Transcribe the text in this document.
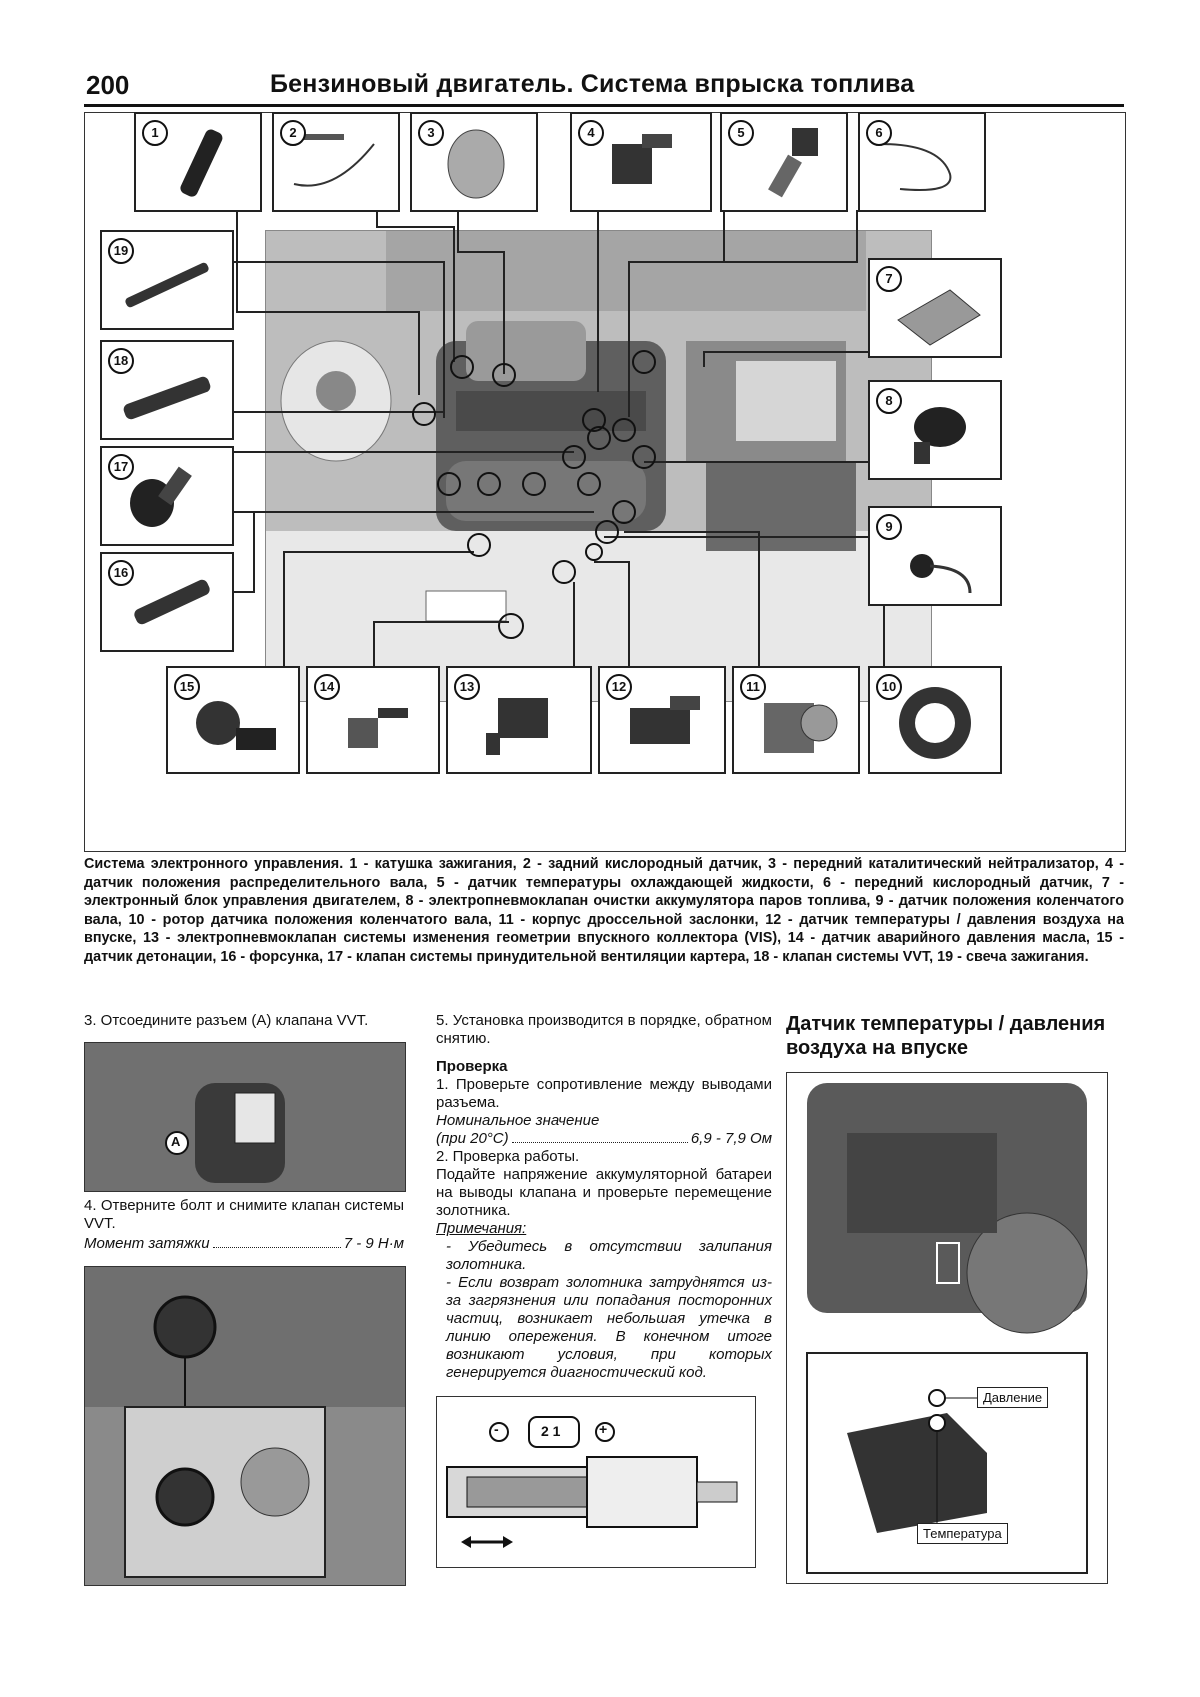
200	Бензиновый двигатель. Система впрыска топлива
1	2	3	4	5	6
7
8
9
10
11
12
13
14
15
16
17
18
19

Система электронного управления. 1 - катушка зажигания, 2 - задний кислородный датчик, 3 - передний каталитический нейтрализатор, 4 - датчик положения распределительного вала, 5 - датчик температуры охлаждающей жидкости, 6 - передний кислородный датчик, 7 - электронный блок управления двигателем, 8 - электропневмоклапан очистки аккумулятора паров топлива, 9 - датчик положения коленчатого вала, 10 - ротор датчика положения коленчатого вала, 11 - корпус дроссельной заслонки, 12 - датчик температуры / давления воздуха на впуске, 13 - электропневмоклапан системы изменения геометрии впускного коллектора (VIS), 14 - датчик аварийного давления масла, 15 - датчик детонации, 16 - форсунка, 17 - клапан системы принудительной вентиляции картера, 18 - клапан системы VVT, 19 - свеча зажигания.

3. Отсоедините разъем (А) клапана VVT.

A

4. Отверните болт и снимите клапан системы VVT.

Момент затяжки	7 - 9 Н·м

5. Установка производится в порядке, обратном снятию.

Проверка

1. Проверьте сопротивление между выводами разъема.

Номинальное значение

(при 20°С)	6,9 - 7,9 Ом

2. Проверка работы.

Подайте напряжение аккумуляторной батареи на выводы клапана и проверьте перемещение золотника.

Примечания:

- Убедитесь в отсутствии залипания золотника.

- Если возврат золотника затруднятся из-за загрязнения или попадания посторонних частиц, возникает небольшая утечка в линию опережения. В конечном итоге возникают условия, при которых генерируется диагностический код.

-	+
2 1

Датчик температуры / давления воздуха на впуске

Давление
Температура
